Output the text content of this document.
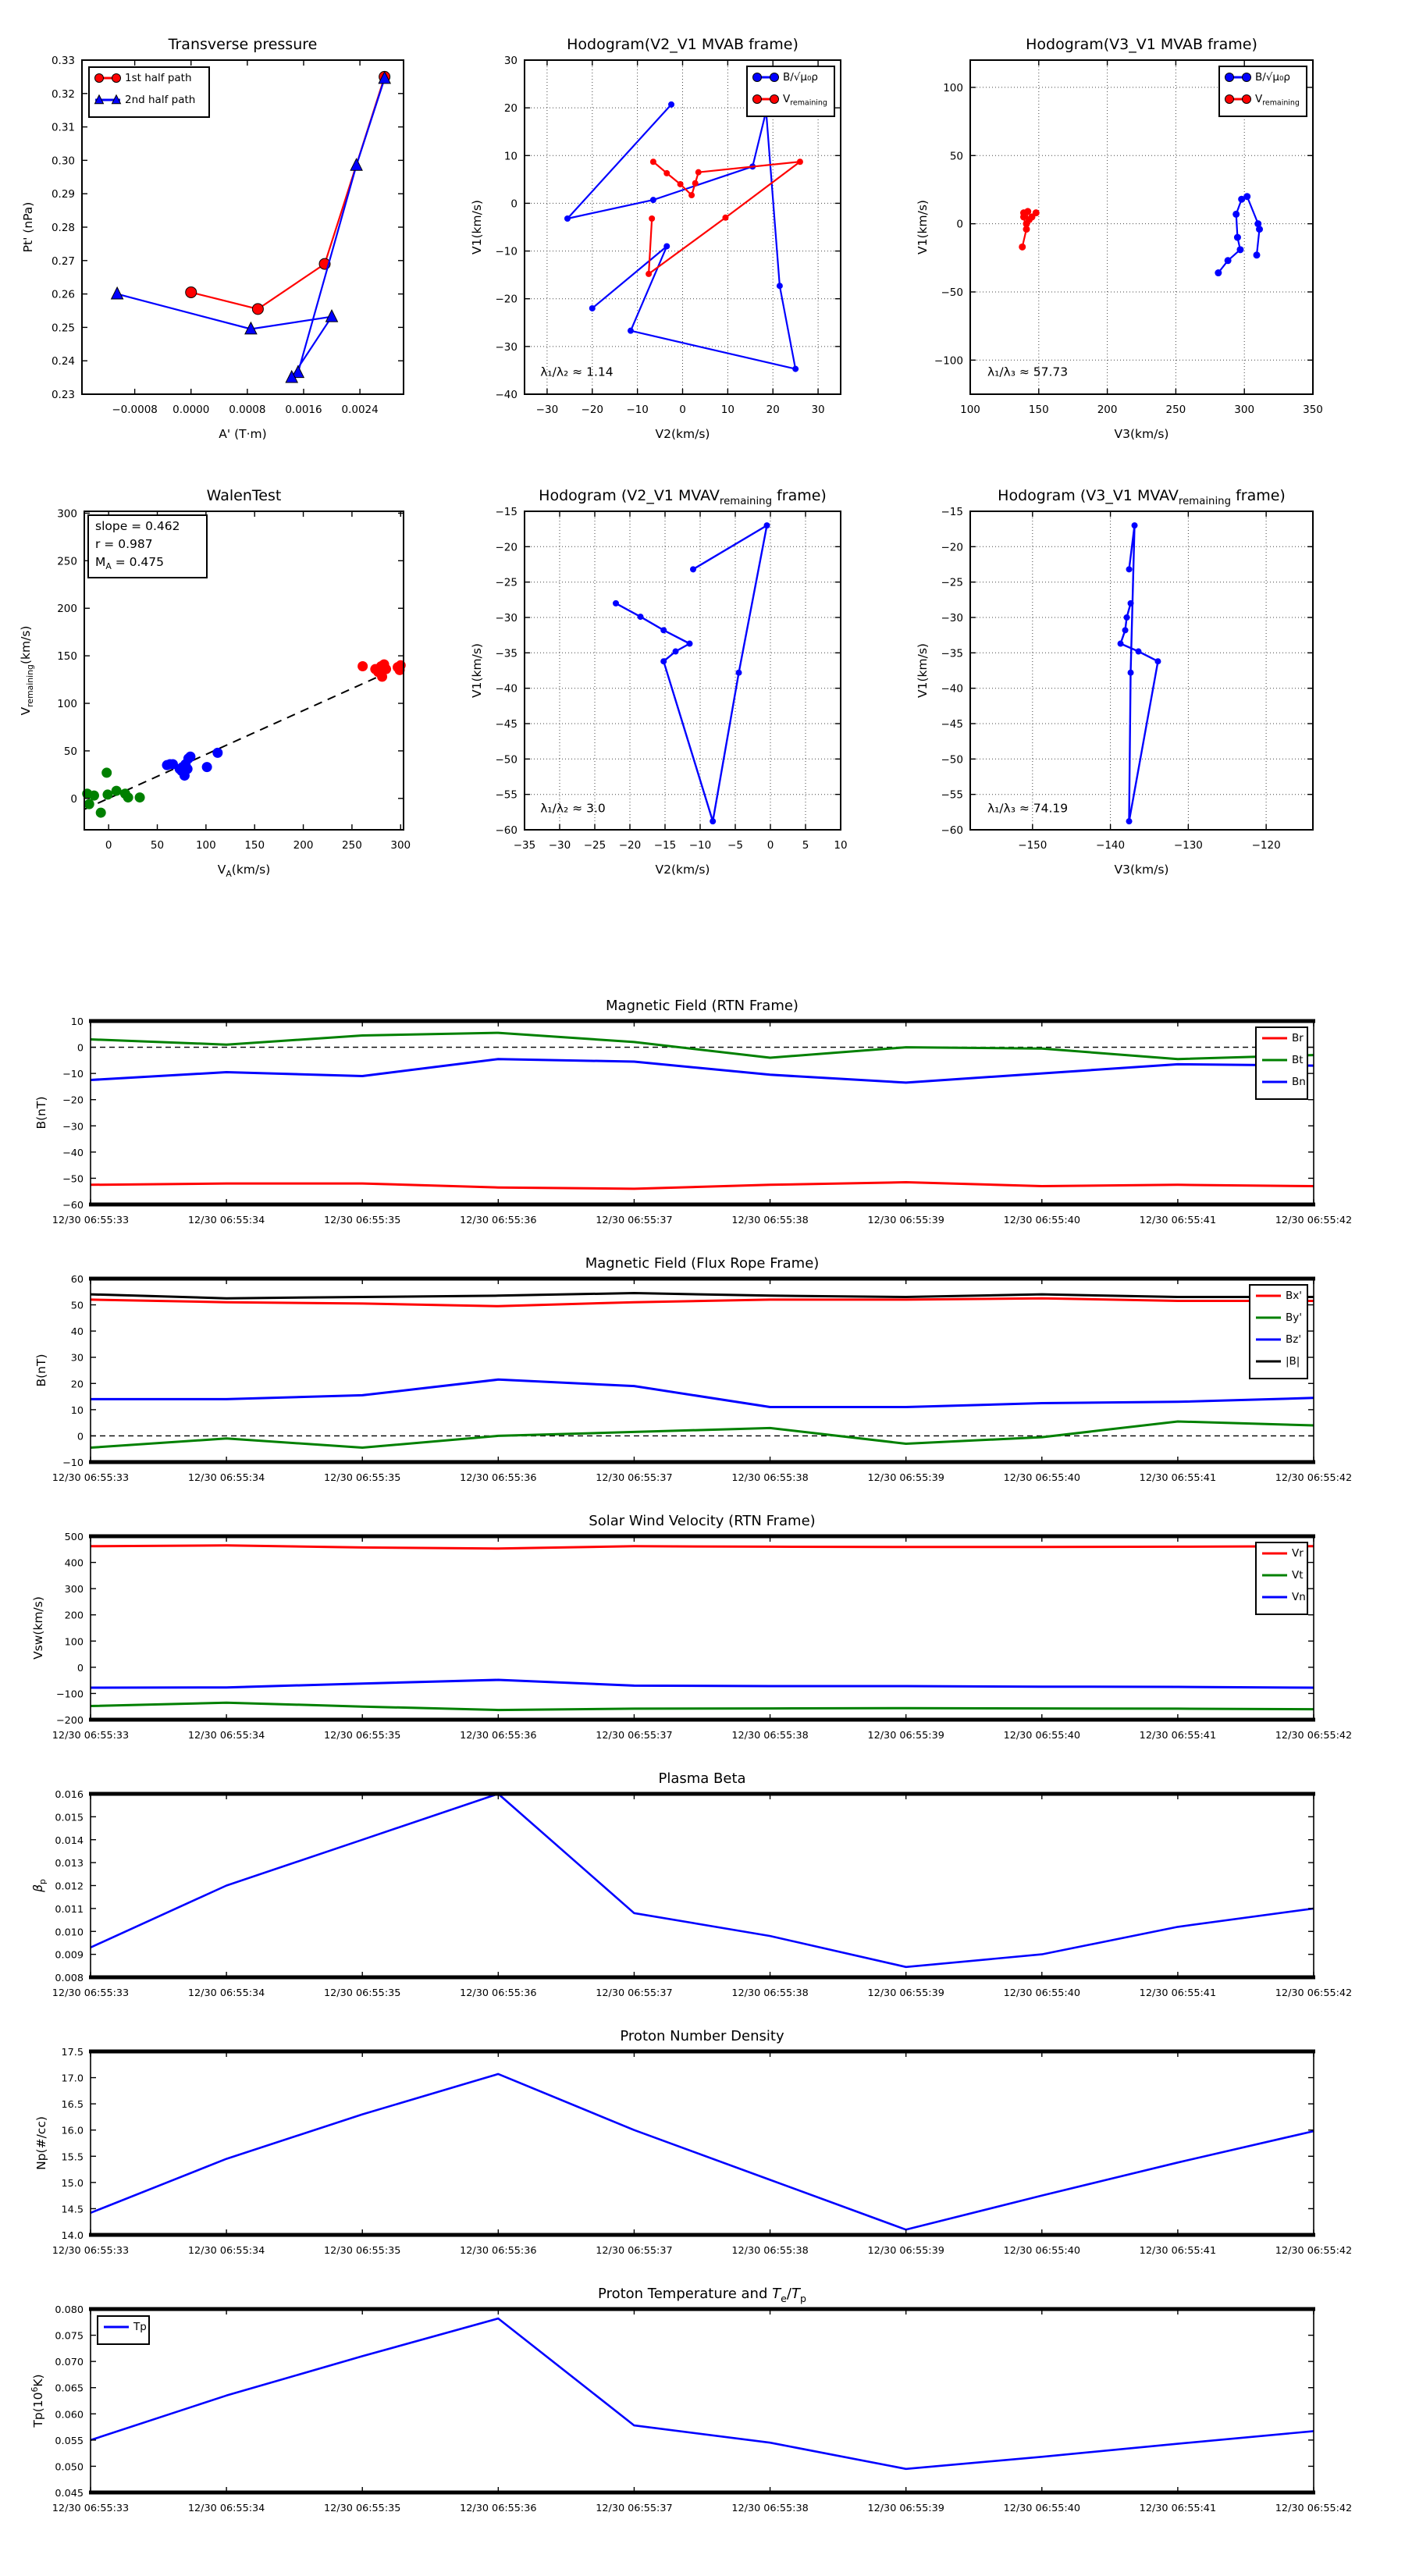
−0.0008 0.0000 0.0008 0.0016 0.0024
0.23
0.24
0.25
0.26
0.27
0.28
0.29
0.30
0.31
0.32
0.33
Transverse pressure
A' (T·m)
Pt' (nPa)
1st half path
2nd half path
−30 −20 −10	0	10	20	30
−40
−30
−20
−10
0
10
20
30
Hodogram(V2_V1 MVAB frame)
V2(km/s)
V1(km/s)
λ₁/λ₂ ≈ 1.14
B/√μ₀ρ
$V_{remaining}$
100	150	200	250	300	350
−100
−50
0
50
100
Hodogram(V3_V1 MVAB frame)
V3(km/s)
V1(km/s)
λ₁/λ₃ ≈ 57.73
B/√μ₀ρ
$V_{remaining}$
0	50	100	150	200	250	300
0
50
100
150
200
250
300
WalenTest
$V_A(km/s)$
$V_{remaining}(km/s)$
slope = 0.462
r = 0.987
$M_A = 0.475$
−35 −30 −25 −20 −15 −10 −5 0	5 10
−60
−55
−50
−45
−40
−35
−30
−25
−20
−15
Hodogram (V2_V1 $MVAV_{remaining}$ frame)
V2(km/s)
V1(km/s)
λ₁/λ₂ ≈ 3.0
−150	−140	−130	−120
−60
−55
−50
−45
−40
−35
−30
−25
−20
−15
Hodogram (V3_V1 $MVAV_{remaining}$ frame)
V3(km/s)
V1(km/s)
λ₁/λ₃ ≈ 74.19
12/30 06:55:33	12/30 06:55:34	12/30 06:55:35	12/30 06:55:36	12/30 06:55:37	12/30 06:55:38	12/30 06:55:39	12/30 06:55:40	12/30 06:55:41	12/30 06:55:42
−60
−50
−40
−30
−20
−10
0
10
Magnetic Field (RTN Frame)
B(nT)
Br
Bt
Bn
12/30 06:55:33	12/30 06:55:34	12/30 06:55:35	12/30 06:55:36	12/30 06:55:37	12/30 06:55:38	12/30 06:55:39	12/30 06:55:40	12/30 06:55:41	12/30 06:55:42
−10
0
10
20
30
40
50
60
Magnetic Field (Flux Rope Frame)
B(nT)
Bx'
By'
Bz'
|B|
12/30 06:55:33	12/30 06:55:34	12/30 06:55:35	12/30 06:55:36	12/30 06:55:37	12/30 06:55:38	12/30 06:55:39	12/30 06:55:40	12/30 06:55:41	12/30 06:55:42
−200
−100
0
100
200
300
400
500
Solar Wind Velocity (RTN Frame)
Vsw(km/s)
Vr
Vt
Vn
12/30 06:55:33	12/30 06:55:34	12/30 06:55:35	12/30 06:55:36	12/30 06:55:37	12/30 06:55:38	12/30 06:55:39	12/30 06:55:40	12/30 06:55:41	12/30 06:55:42
0.008
0.009
0.010
0.011
0.012
0.013
0.014
0.015
0.016
Plasma Beta
$\beta_p$
12/30 06:55:33	12/30 06:55:34	12/30 06:55:35	12/30 06:55:36	12/30 06:55:37	12/30 06:55:38	12/30 06:55:39	12/30 06:55:40	12/30 06:55:41	12/30 06:55:42
14.0
14.5
15.0
15.5
16.0
16.5
17.0
17.5
Proton Number Density
Np(#/cc)
12/30 06:55:33	12/30 06:55:34	12/30 06:55:35	12/30 06:55:36	12/30 06:55:37	12/30 06:55:38	12/30 06:55:39	12/30 06:55:40	12/30 06:55:41	12/30 06:55:42
0.045
0.050
0.055
0.060
0.065
0.070
0.075
0.080
Proton Temperature and $T_e/T_p$
$Tp(10^6K)$
Tp
